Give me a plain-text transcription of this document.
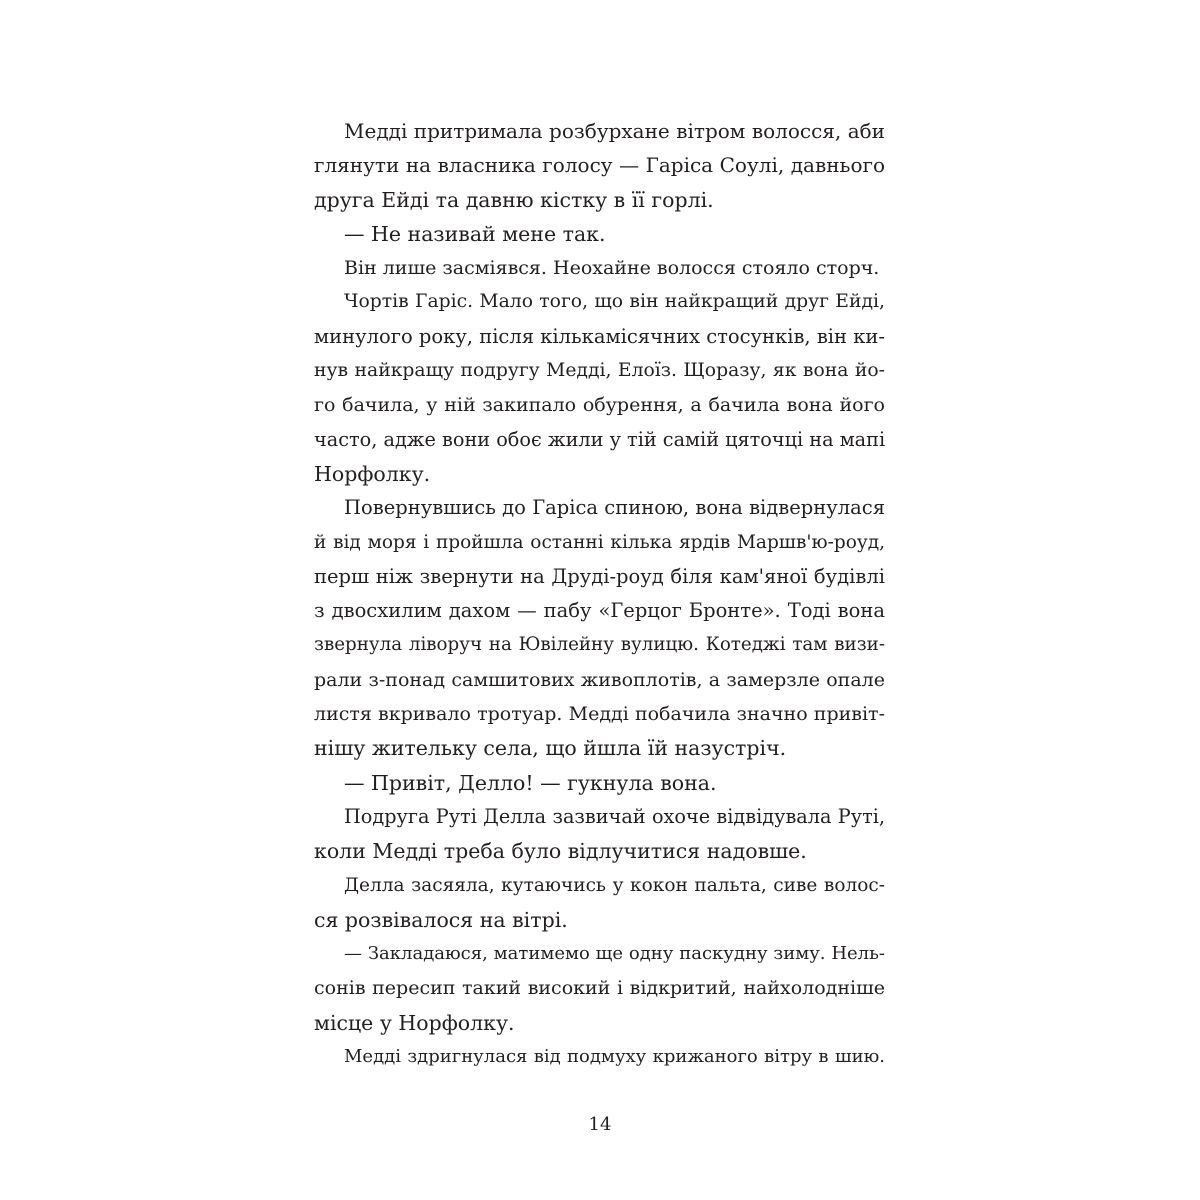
Медді притримала розбурхане вітром волосся, аби
глянути на власника голосу — Гаріса Соулі, давнього
друга Ейді та давню кістку в її горлі.
— Не називай мене так.
Він лише засміявся. Неохайне волосся стояло сторч.
Чортів Гаріс. Мало того, що він найкращий друг Ейді,
минулого року, після кількамісячних стосунків, він ки-
нув найкращу подругу Медді, Елоїз. Щоразу, як вона йо-
го бачила, у ній закипало обурення, а бачила вона його
часто, адже вони обоє жили у тій самій цяточці на мапі
Норфолку.
Повернувшись до Гаріса спиною, вона відвернулася
й від моря і пройшла останні кілька ярдів Маршв'ю-роуд,
перш ніж звернути на Друді-роуд біля кам'яної будівлі
з двосхилим дахом — пабу «Герцог Бронте». Тоді вона
звернула ліворуч на Ювілейну вулицю. Котеджі там визи-
рали з-понад самшитових живоплотів, а замерзле опале
листя вкривало тротуар. Медді побачила значно привіт-
нішу жительку села, що йшла їй назустріч.
— Привіт, Делло! — гукнула вона.
Подруга Руті Делла зазвичай охоче відвідувала Руті,
коли Медді треба було відлучитися надовше.
Делла засяяла, кутаючись у кокон пальта, сиве волос-
ся розвівалося на вітрі.
— Закладаюся, матимемо ще одну паскудну зиму. Нель-
сонів пересип такий високий і відкритий, найхолодніше
місце у Норфолку.
Медді здригнулася від подмуху крижаного вітру в шию.
14
